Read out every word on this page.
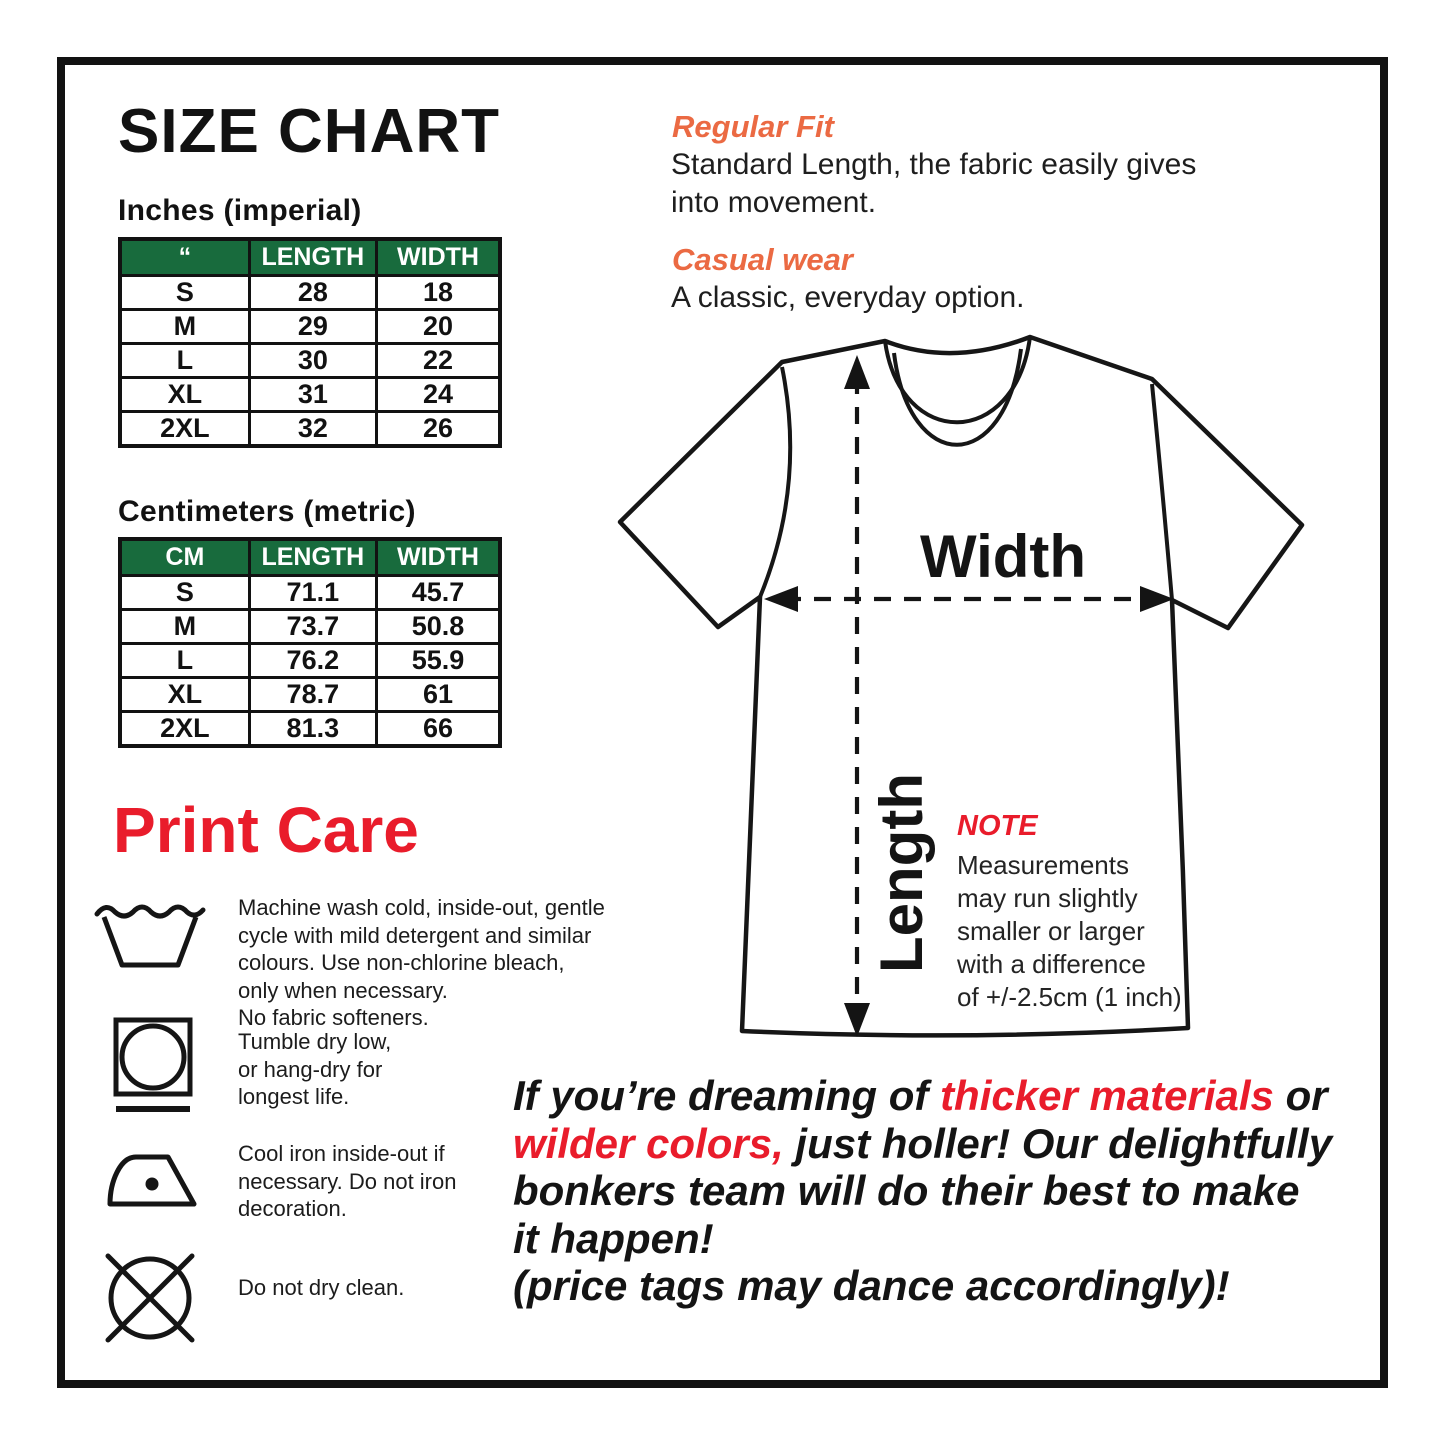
SIZE CHART
Inches (imperial)
“	LENGTH	WIDTH
S	28	18
M	29	20
L	30	22
XL	31	24
2XL	32	26
Centimeters (metric)
CM	LENGTH	WIDTH
S	71.1	45.7
M	73.7	50.8
L	76.2	55.9
XL	78.7	61
2XL	81.3	66
Print Care
Machine wash cold, inside-out, gentle
cycle with mild detergent and similar
colours. Use non-chlorine bleach,
only when necessary.
No fabric softeners.
Tumble dry low,
or hang-dry for
longest life.
Cool iron inside-out if
necessary. Do not iron
decoration.
Do not dry clean.
Regular Fit
Standard Length, the fabric easily gives
into movement.
Casual wear
A classic, everyday option.
Width
Length NOTE
Measurements
may run slightly
smaller or larger
with a difference
of +/-2.5cm (1 inch)
If you’re dreaming of thicker materials or
wilder colors, just holler! Our delightfully
bonkers team will do their best to make
it happen!
(price tags may dance accordingly)!
